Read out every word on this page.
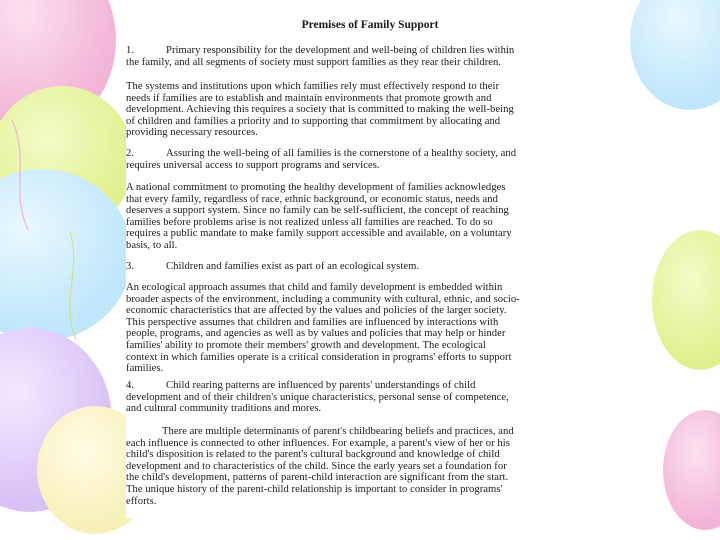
Premises of Family Support
1.	Primary responsibility for the development and well-being of children lies within
the family, and all segments of society must support families as they rear their children.
The systems and institutions upon which families rely must effectively respond to their
needs if families are to establish and maintain environments that promote growth and
development. Achieving this requires a society that is committed to making the well-being
of children and families a priority and to supporting that commitment by allocating and
providing necessary resources.
2.	Assuring the well-being of all families is the cornerstone of a healthy society, and
requires universal access to support programs and services.
A national commitment to promoting the healthy development of families acknowledges
that every family, regardless of race, ethnic background, or economic status, needs and
deserves a support system. Since no family can be self-sufficient, the concept of reaching
families before problems arise is not realized unless all families are reached. To do so
requires a public mandate to make family support accessible and available, on a voluntary
basis, to all.
3.	Children and families exist as part of an ecological system.
An ecological approach assumes that child and family development is embedded within
broader aspects of the environment, including a community with cultural, ethnic, and socio-
economic characteristics that are affected by the values and policies of the larger society.
This perspective assumes that children and families are influenced by interactions with
people, programs, and agencies as well as by values and policies that may help or hinder
families' ability to promote their members' growth and development. The ecological
context in which families operate is a critical consideration in programs' efforts to support
families.
4.	Child rearing patterns are influenced by parents' understandings of child
development and of their children's unique characteristics, personal sense of competence,
and cultural community traditions and mores.
There are multiple determinants of parent's childbearing beliefs and practices, and
each influence is connected to other influences. For example, a parent's view of her or his
child's disposition is related to the parent's cultural background and knowledge of child
development and to characteristics of the child. Since the early years set a foundation for
the child's development, patterns of parent-child interaction are significant from the start.
The unique history of the parent-child relationship is important to consider in programs'
efforts.
